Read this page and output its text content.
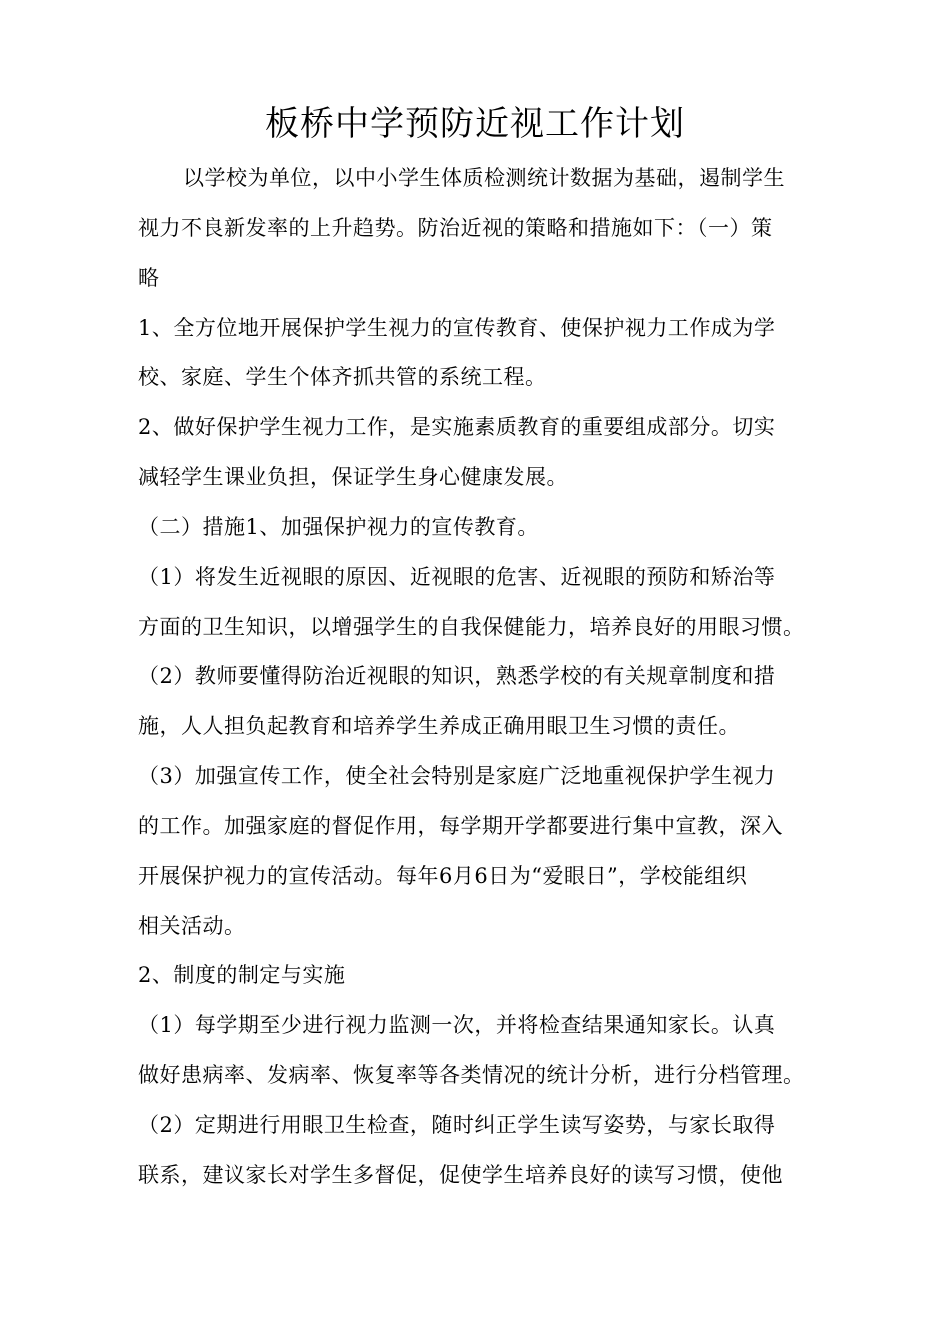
板桥中学预防近视工作计划
以学校为单位，以中小学生体质检测统计数据为基础，遏制学生
视力不良新发率的上升趋势。防治近视的策略和措施如下：（一）策
略
1、全方位地开展保护学生视力的宣传教育、使保护视力工作成为学
校、家庭、学生个体齐抓共管的系统工程。
2、做好保护学生视力工作，是实施素质教育的重要组成部分。切实
减轻学生课业负担，保证学生身心健康发展。
（二）措施1、加强保护视力的宣传教育。
（1）将发生近视眼的原因、近视眼的危害、近视眼的预防和矫治等
方面的卫生知识，以增强学生的自我保健能力，培养良好的用眼习惯。
（2）教师要懂得防治近视眼的知识，熟悉学校的有关规章制度和措
施，人人担负起教育和培养学生养成正确用眼卫生习惯的责任。
（3）加强宣传工作，使全社会特别是家庭广泛地重视保护学生视力
的工作。加强家庭的督促作用，每学期开学都要进行集中宣教，深入
开展保护视力的宣传活动。每年6月6日为“爱眼日”，学校能组织
相关活动。
2、制度的制定与实施
（1）每学期至少进行视力监测一次，并将检查结果通知家长。认真
做好患病率、发病率、恢复率等各类情况的统计分析，进行分档管理。
（2）定期进行用眼卫生检查，随时纠正学生读写姿势，与家长取得
联系，建议家长对学生多督促，促使学生培养良好的读写习惯，使他
